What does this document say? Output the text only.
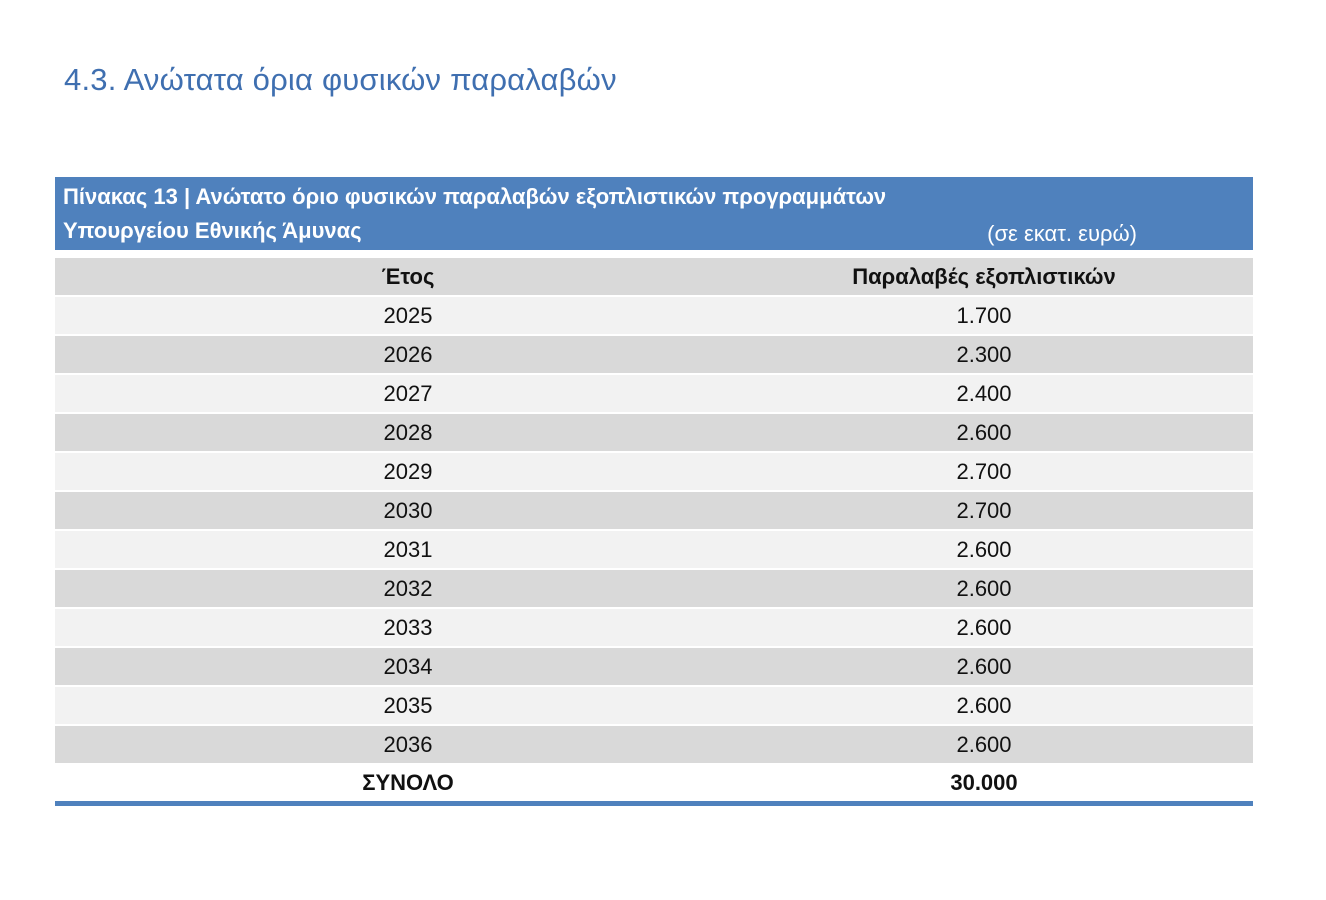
4.3. Ανώτατα όρια φυσικών παραλαβών
Πίνακας 13 | Ανώτατο όριο φυσικών παραλαβών εξοπλιστικών προγραμμάτων
Υπουργείου Εθνικής Άμυνας	(σε εκατ. ευρώ)
Έτος	Παραλαβές εξοπλιστικών
2025	1.700
2026	2.300
2027	2.400
2028	2.600
2029	2.700
2030	2.700
2031	2.600
2032	2.600
2033	2.600
2034	2.600
2035	2.600
2036	2.600
ΣΥΝΟΛΟ	30.000
